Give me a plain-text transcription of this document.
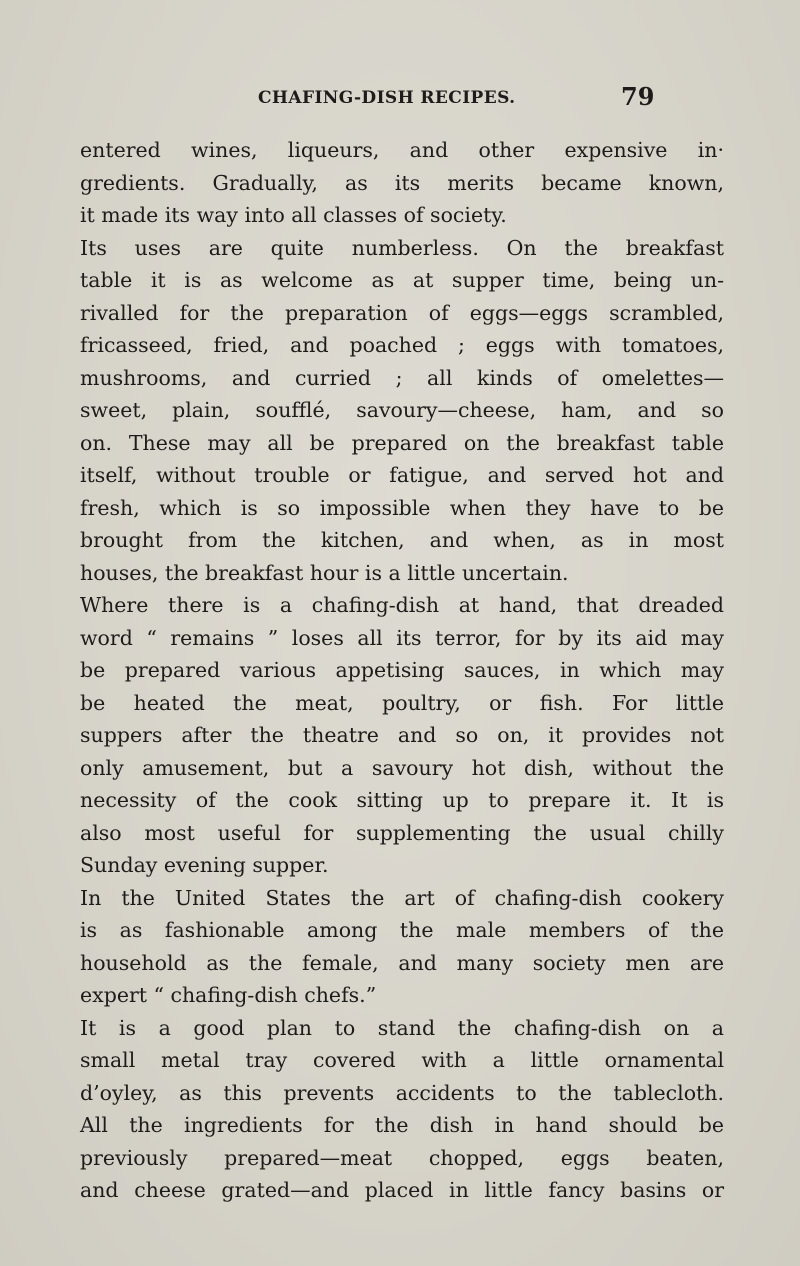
CHAFING-DISH RECIPES.	79
entered wines, liqueurs, and other expensive in·
gredients. Gradually, as its merits became known,
it made its way into all classes of society.
Its uses are quite numberless. On the breakfast
table it is as welcome as at supper time, being un-
rivalled for the preparation of eggs—eggs scrambled,
fricasseed, fried, and poached ; eggs with tomatoes,
mushrooms, and curried ; all kinds of omelettes—
sweet, plain, soufflé, savoury—cheese, ham, and so
on. These may all be prepared on the breakfast table
itself, without trouble or fatigue, and served hot and
fresh, which is so impossible when they have to be
brought from the kitchen, and when, as in most
houses, the breakfast hour is a little uncertain.
Where there is a chafing-dish at hand, that dreaded
word “ remains ” loses all its terror, for by its aid may
be prepared various appetising sauces, in which may
be heated the meat, poultry, or fish. For little
suppers after the theatre and so on, it provides not
only amusement, but a savoury hot dish, without the
necessity of the cook sitting up to prepare it. It is
also most useful for supplementing the usual chilly
Sunday evening supper.
In the United States the art of chafing-dish cookery
is as fashionable among the male members of the
household as the female, and many society men are
expert “ chafing-dish chefs.”
It is a good plan to stand the chafing-dish on a
small metal tray covered with a little ornamental
d’oyley, as this prevents accidents to the tablecloth.
All the ingredients for the dish in hand should be
previously prepared—meat chopped, eggs beaten,
and cheese grated—and placed in little fancy basins or
